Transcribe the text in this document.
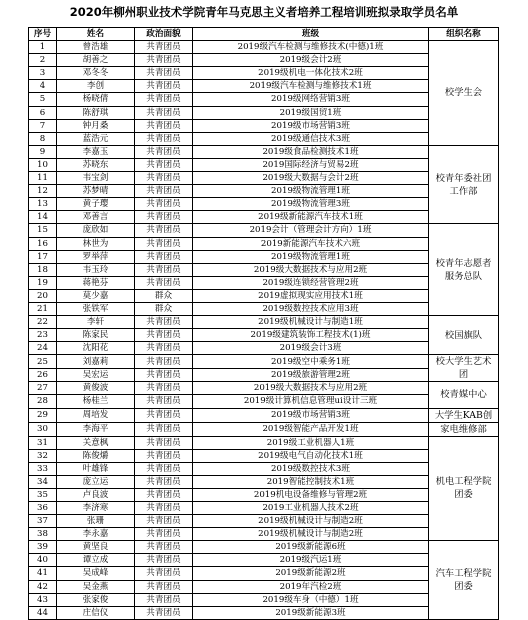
2020年柳州职业技术学院青年马克思主义者培养工程培训班拟录取学员名单
序号	姓名	政治面貌	班级	组织名称
1	曾浩雄	共青团员	2019级汽车检测与维修技术(中德)1班	校学生会
2	胡善之	共青团员	2019级会计2班	
3	邓冬冬	共青团员	2019级机电一体化技术2班	
4	李创	共青团员	2019级汽车检测与维修技术1班	
5	杨晓倩	共青团员	2019级网络营销3班	
6	陈舒琪	共青团员	2019级国贸1班	
7	钟月桑	共青团员	2019级市场营销3班	
8	蓝浩元	共青团员	2019级通信技术3班	
9	李嘉玉	共青团员	2019级食品检测技术1班	校青年委社团工作部
10	苏晓东	共青团员	2019国际经济与贸易2班	
11	韦宝剑	共青团员	2019级大数据与会计2班	
12	苏梦晴	共青团员	2019级物流管理1班	
13	黄子璎	共青团员	2019级物流管理3班	
14	邓善言	共青团员	2019级新能源汽车技术1班	
15	庞欣如	共青团员	2019会计（管理会计方向）1班	校青年志愿者服务总队
16	林世为	共青团员	2019新能源汽车技术六班	
17	罗举萍	共青团员	2019级物流管理1班	
18	韦玉玲	共青团员	2019级大数据技术与应用2班	
19	蒋艳芬	共青团员	2019级连锁经营管理2班	
20	莫少嘉	群众	2019虚拟现实应用技术1班	
21	张铁军	群众	2019级数控技术应用3班	
22	李轩	共青团员	2019级机械设计与制造1班	校国旗队
23	陈家民	共青团员	2019级建筑装饰工程技术(1)班	
24	沈阳花	共青团员	2019级会计3班	
25	刘嘉莉	共青团员	2019级空中乘务1班	校大学生艺术团
26	吴宏运	共青团员	2019级旅游管理2班	
27	黄俊波	共青团员	2019级大数据技术与应用2班	校青媒中心
28	杨桂兰	共青团员	2019级计算机信息管理ui设计三班	
29	周培发	共青团员	2019级市场营销3班	大学生KAB创
30	李海平	共青团员	2019级智能产品开发1班	家电维修部
31	关意枫	共青团员	2019级工业机器人1班	机电工程学院团委
32	陈俊爝	共青团员	2019级电气自动化技术1班	
33	叶雄锋	共青团员	2019级数控技术3班	
34	庞立运	共青团员	2019智能控制技术1班	
35	卢良波	共青团员	2019机电设备维修与管理2班	
36	李济寒	共青团员	2019工业机器人技术2班	
37	张珊	共青团员	2019级机械设计与制造2班	
38	李永嘉	共青团员	2019级机械设计与制造2班	
39	黄坚良	共青团员	2019级新能源6班	汽车工程学院团委
40	谭立成	共青团员	2019级汽运1班	
41	吴成峰	共青团员	2019级新能源2班	
42	吴金燕	共青团员	2019年汽检2班	
43	张家俊	共青团员	2019级车身（中德）1班	
44	庄信仪	共青团员	2019级新能源3班	
